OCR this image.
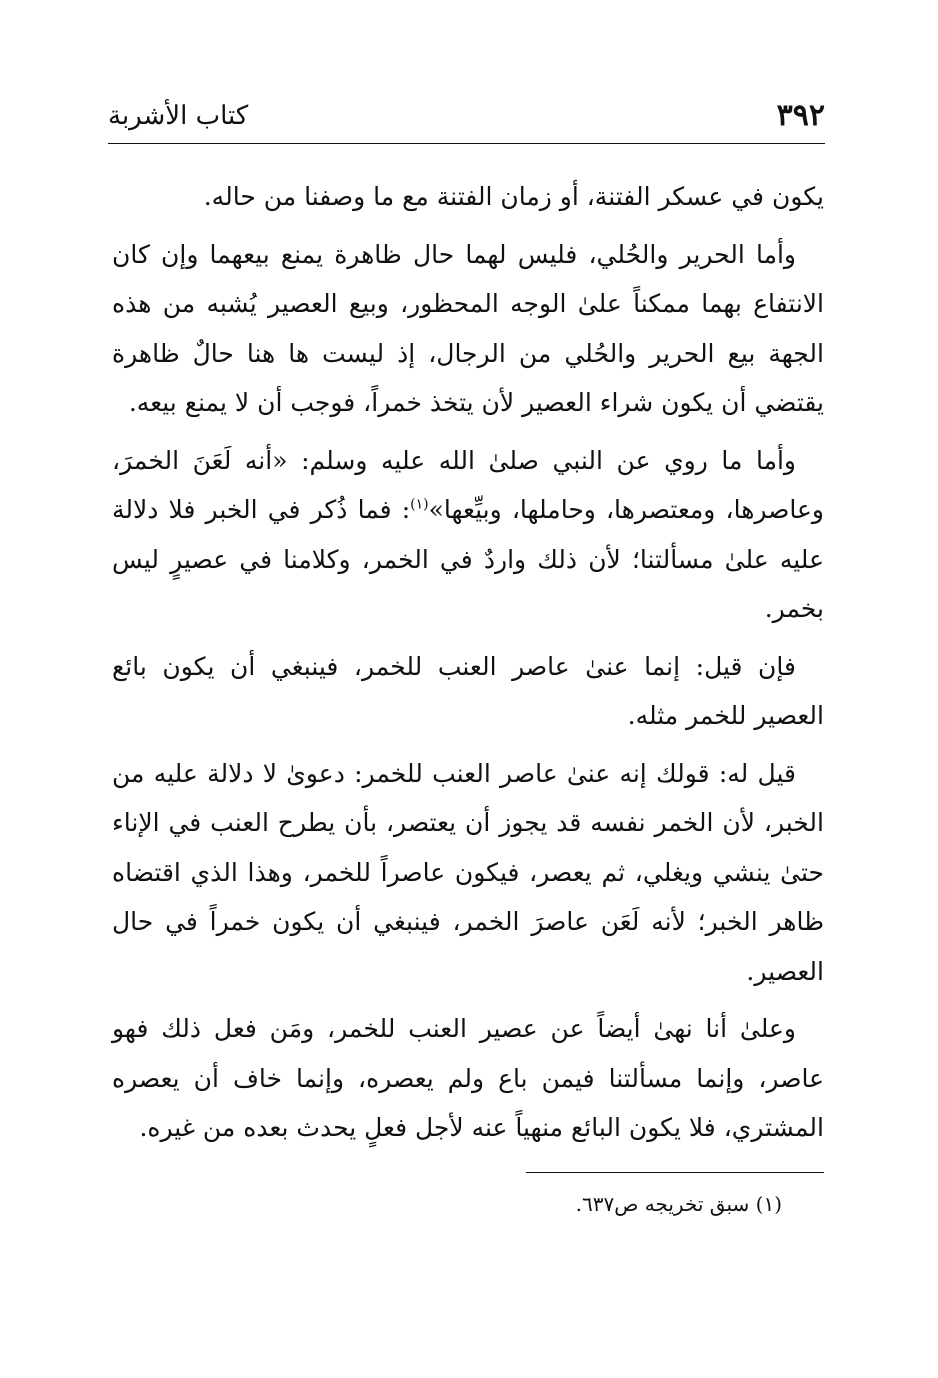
٣٩٢
كتاب الأشربة

يكون في عسكر الفتنة، أو زمان الفتنة مع ما وصفنا من حاله.

وأما الحرير والحُلي، فليس لهما حال ظاهرة يمنع بيعهما وإن كان الانتفاع بهما ممكناً علىٰ الوجه المحظور، وبيع العصير يُشبه من هذه الجهة بيع الحرير والحُلي من الرجال، إذ ليست ها هنا حالٌ ظاهرة يقتضي أن يكون شراء العصير لأن يتخذ خمراً، فوجب أن لا يمنع بيعه.

وأما ما روي عن النبي صلىٰ الله عليه وسلم: «أنه لَعَنَ الخمرَ، وعاصرها، ومعتصرها، وحاملها، وبيِّعها»$^{(١)}$: فما ذُكر في الخبر فلا دلالة عليه علىٰ مسألتنا؛ لأن ذلك واردٌ في الخمر، وكلامنا في عصيرٍ ليس بخمر.

فإن قيل: إنما عنىٰ عاصر العنب للخمر، فينبغي أن يكون بائع العصير للخمر مثله.

قيل له: قولك إنه عنىٰ عاصر العنب للخمر: دعوىٰ لا دلالة عليه من الخبر، لأن الخمر نفسه قد يجوز أن يعتصر، بأن يطرح العنب في الإناء حتىٰ ينشي ويغلي، ثم يعصر، فيكون عاصراً للخمر، وهذا الذي اقتضاه ظاهر الخبر؛ لأنه لَعَن عاصرَ الخمر، فينبغي أن يكون خمراً في حال العصير.

وعلىٰ أنا نهىٰ أيضاً عن عصير العنب للخمر، ومَن فعل ذلك فهو عاصر، وإنما مسألتنا فيمن باع ولم يعصره، وإنما خاف أن يعصره المشتري، فلا يكون البائع منهياً عنه لأجل فعلٍ يحدث بعده من غيره.

(١) سبق تخريجه ص٦٣٧.
